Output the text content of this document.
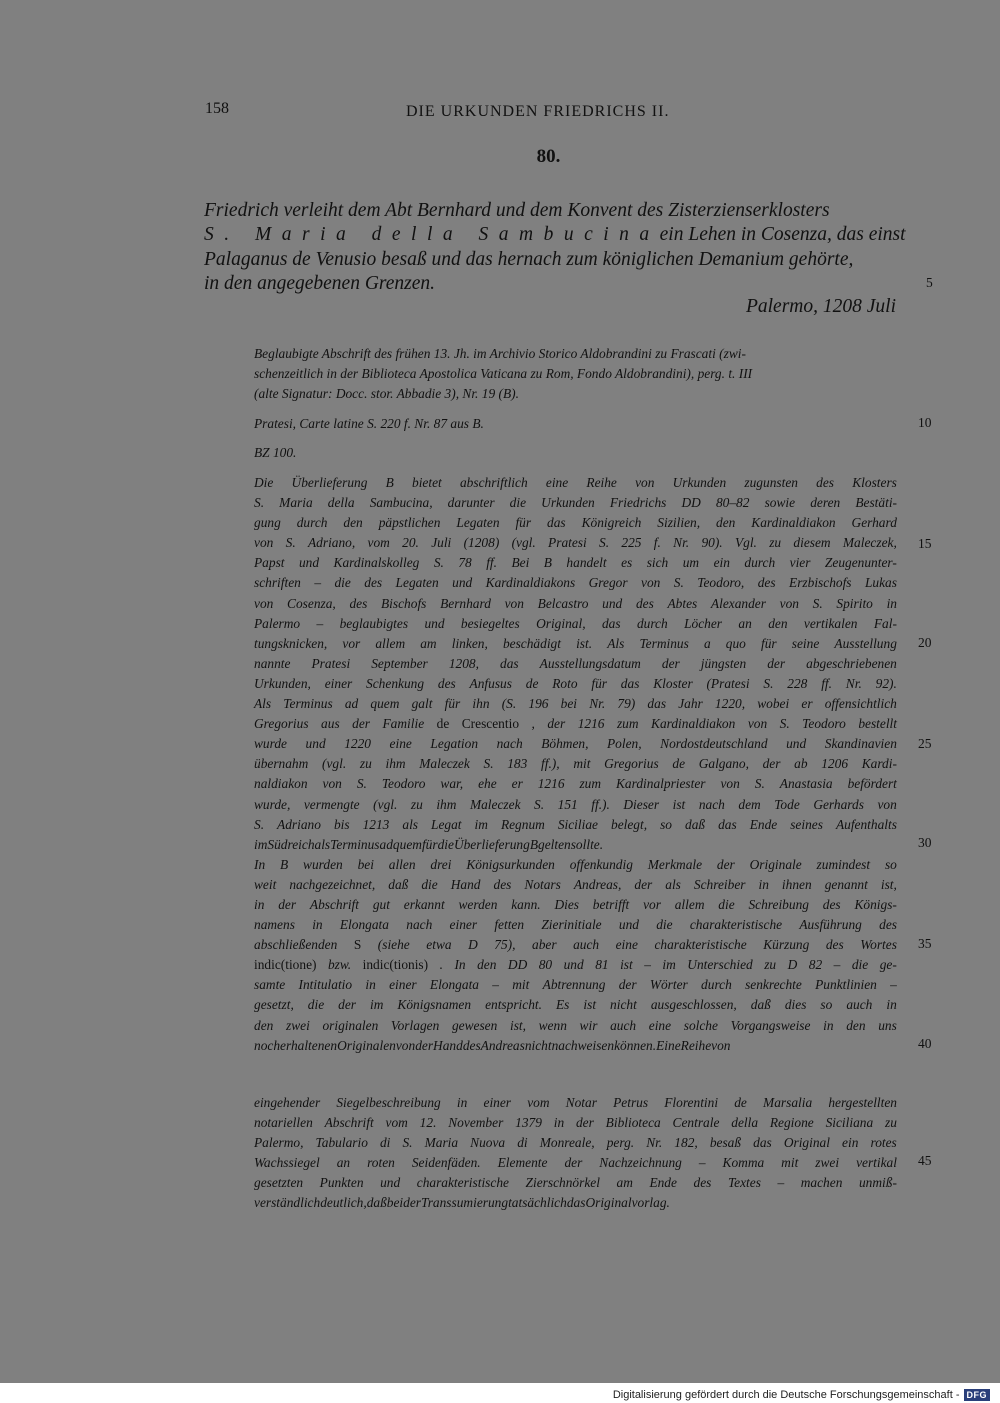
158	DIE URKUNDEN FRIEDRICHS II.
80.
Friedrich verleiht dem Abt Bernhard und dem Konvent des Zisterzienserklosters
S. Maria della Sambucina ein Lehen in Cosenza, das einst
Palaganus de Venusio besaß und das hernach zum königlichen Demanium gehörte,
in den angegebenen Grenzen.
Palermo, 1208 Juli
Beglaubigte Abschrift des frühen 13. Jh. im Archivio Storico Aldobrandini zu Frascati (zwi-
schenzeitlich in der Biblioteca Apostolica Vaticana zu Rom, Fondo Aldobrandini), perg. t. III
(alte Signatur: Docc. stor. Abbadie 3), Nr. 19 (B).
Pratesi, Carte latine S. 220 f. Nr. 87 aus B.
BZ 100.
Die Überlieferung B bietet abschriftlich eine Reihe von Urkunden zugunsten des Klosters
S. Maria della Sambucina, darunter die Urkunden Friedrichs DD 80–82 sowie deren Bestäti-
gung durch den päpstlichen Legaten für das Königreich Sizilien, den Kardinaldiakon Gerhard
von S. Adriano, vom 20. Juli (1208) (vgl. Pratesi S. 225 f. Nr. 90). Vgl. zu diesem Maleczek,
Papst und Kardinalskolleg S. 78 ff. Bei B handelt es sich um ein durch vier Zeugenunter-
schriften – die des Legaten und Kardinaldiakons Gregor von S. Teodoro, des Erzbischofs Lukas
von Cosenza, des Bischofs Bernhard von Belcastro und des Abtes Alexander von S. Spirito in
Palermo – beglaubigtes und besiegeltes Original, das durch Löcher an den vertikalen Fal-
tungsknicken, vor allem am linken, beschädigt ist. Als Terminus a quo für seine Ausstellung
nannte Pratesi September 1208, das Ausstellungsdatum der jüngsten der abgeschriebenen
Urkunden, einer Schenkung des Anfusus de Roto für das Kloster (Pratesi S. 228 ff. Nr. 92).
Als Terminus ad quem galt für ihn (S. 196 bei Nr. 79) das Jahr 1220, wobei er offensichtlich
Gregorius aus der Familie de Crescentio , der 1216 zum Kardinaldiakon von S. Teodoro bestellt
wurde und 1220 eine Legation nach Böhmen, Polen, Nordostdeutschland und Skandinavien
übernahm (vgl. zu ihm Maleczek S. 183 ff.), mit Gregorius de Galgano, der ab 1206 Kardi-
naldiakon von S. Teodoro war, ehe er 1216 zum Kardinalpriester von S. Anastasia befördert
wurde, vermengte (vgl. zu ihm Maleczek S. 151 ff.). Dieser ist nach dem Tode Gerhards von
S. Adriano bis 1213 als Legat im Regnum Siciliae belegt, so daß das Ende seines Aufenthalts
im Südreich als Terminus ad quem für die Überlieferung B gelten sollte.
In B wurden bei allen drei Königsurkunden offenkundig Merkmale der Originale zumindest so
weit nachgezeichnet, daß die Hand des Notars Andreas, der als Schreiber in ihnen genannt ist,
in der Abschrift gut erkannt werden kann. Dies betrifft vor allem die Schreibung des Königs-
namens in Elongata nach einer fetten Zierinitiale und die charakteristische Ausführung des
abschließenden S (siehe etwa D 75), aber auch eine charakteristische Kürzung des Wortes
indic(tione) bzw. indic(tionis) . In den DD 80 und 81 ist – im Unterschied zu D 82 – die ge-
samte Intitulatio in einer Elongata – mit Abtrennung der Wörter durch senkrechte Punktlinien –
gesetzt, die der im Königsnamen entspricht. Es ist nicht ausgeschlossen, daß dies so auch in
den zwei originalen Vorlagen gewesen ist, wenn wir auch eine solche Vorgangsweise in den uns
noch erhaltenen Originalen von der Hand des Andreas nicht nachweisen können. Eine Reihe von
eingehender Siegelbeschreibung in einer vom Notar Petrus Florentini de Marsalia hergestellten
notariellen Abschrift vom 12. November 1379 in der Biblioteca Centrale della Regione Siciliana zu
Palermo, Tabulario di S. Maria Nuova di Monreale, perg. Nr. 182, besaß das Original ein rotes
Wachssiegel an roten Seidenfäden. Elemente der Nachzeichnung – Komma mit zwei vertikal
gesetzten Punkten und charakteristische Zierschnörkel am Ende des Textes – machen unmiß-
verständlich deutlich, daß bei der Transsumierung tatsächlich das Original vorlag.
5
10
15
20
25
30
35
40
45
Digitalisierung gefördert durch die Deutsche Forschungsgemeinschaft - DFG
